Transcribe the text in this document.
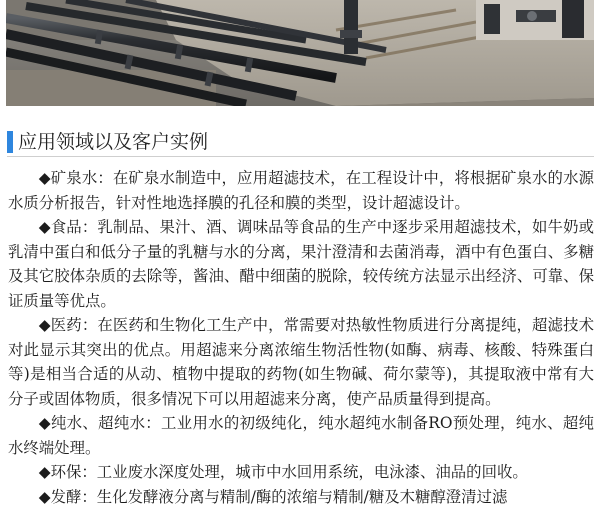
应用领域以及客户实例

◆矿泉水：在矿泉水制造中，应用超滤技术，在工程设计中，将根据矿泉水的水源水质分析报告，针对性地选择膜的孔径和膜的类型，设计超滤设计。

◆食品：乳制品、果汁、酒、调味品等食品的生产中逐步采用超滤技术，如牛奶或乳清中蛋白和低分子量的乳糖与水的分离，果汁澄清和去菌消毒，酒中有色蛋白、多糖及其它胶体杂质的去除等，酱油、醋中细菌的脱除，较传统方法显示出经济、可靠、保证质量等优点。

◆医药：在医药和生物化工生产中，常需要对热敏性物质进行分离提纯，超滤技术对此显示其突出的优点。用超滤来分离浓缩生物活性物(如酶、病毒、核酸、特殊蛋白等)是相当合适的从动、植物中提取的药物(如生物碱、荷尔蒙等)，其提取液中常有大分子或固体物质，很多情况下可以用超滤来分离，使产品质量得到提高。

◆纯水、超纯水：工业用水的初级纯化，纯水超纯水制备RO预处理，纯水、超纯水终端处理。

◆环保：工业废水深度处理，城市中水回用系统，电泳漆、油品的回收。

◆发酵：生化发酵液分离与精制/酶的浓缩与精制/糖及木糖醇澄清过滤
